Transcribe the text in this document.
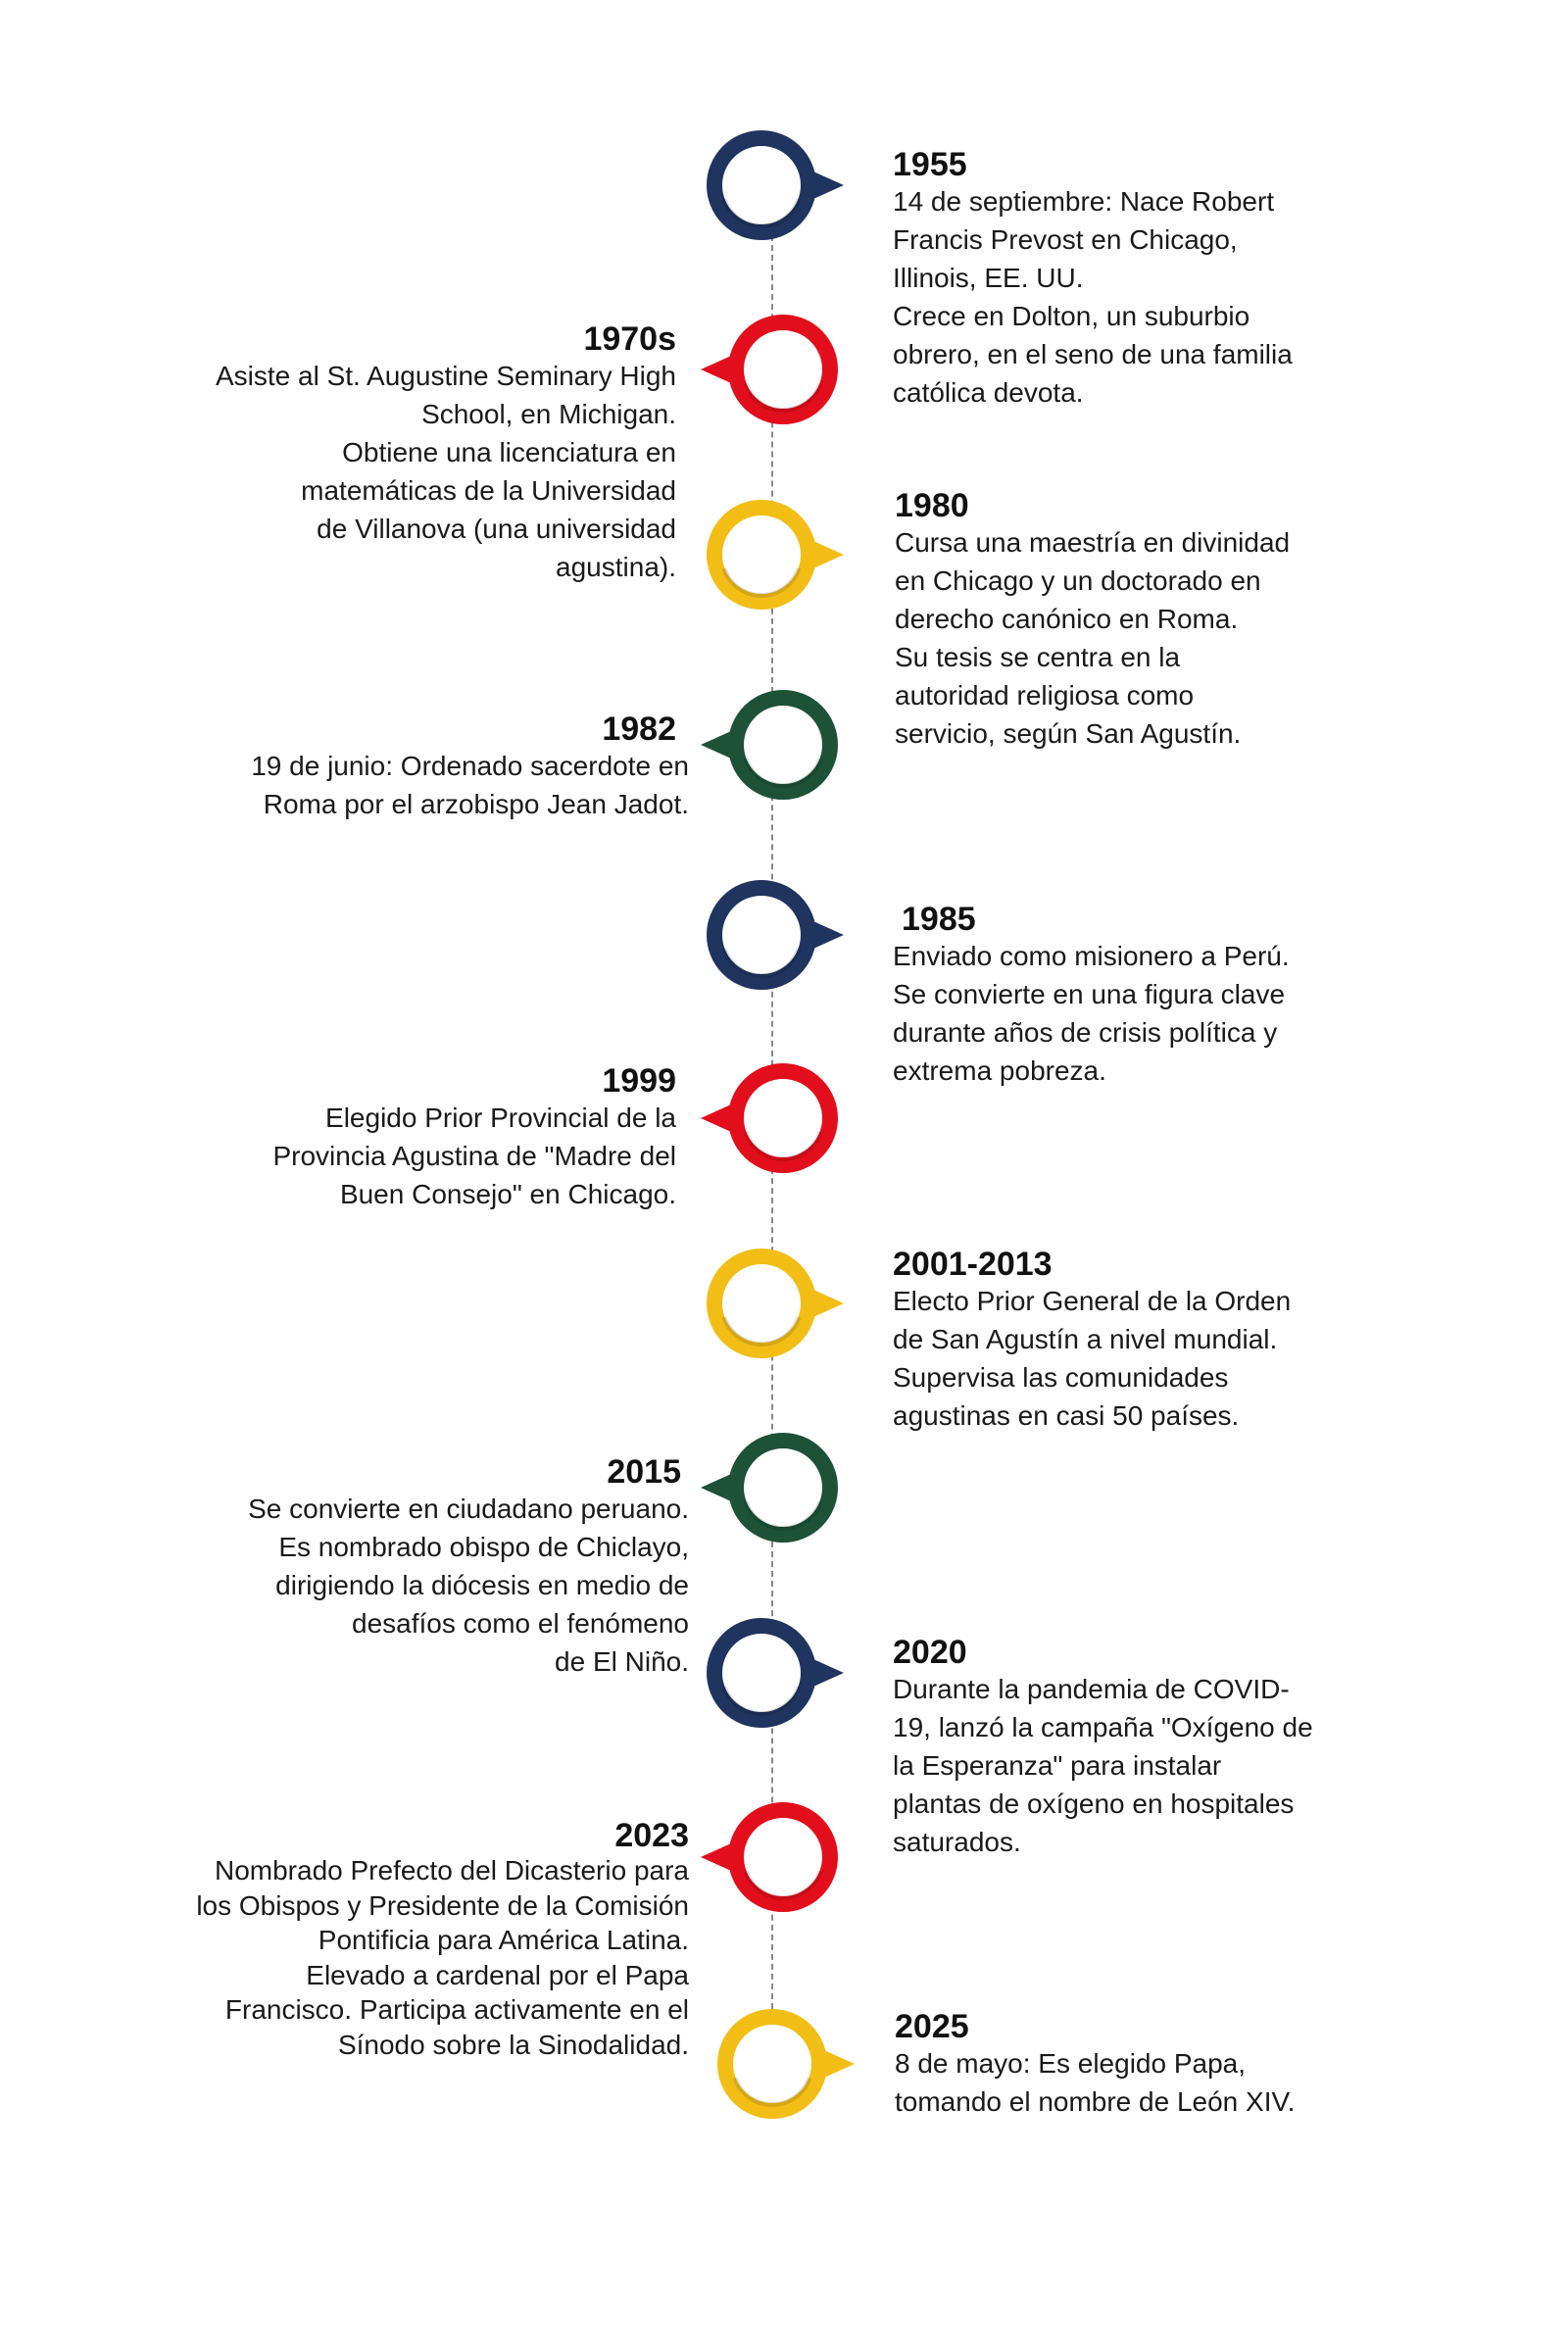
1955
14 de septiembre: Nace Robert
Francis Prevost en Chicago,
Illinois, EE. UU.
Crece en Dolton, un suburbio
obrero, en el seno de una familia
católica devota.
1970s
Asiste al St. Augustine Seminary High
School, en Michigan.
Obtiene una licenciatura en
matemáticas de la Universidad
de Villanova (una universidad
agustina).
1980
Cursa una maestría en divinidad
en Chicago y un doctorado en
derecho canónico en Roma.
Su tesis se centra en la
autoridad religiosa como
servicio, según San Agustín.
1982
19 de junio: Ordenado sacerdote en
Roma por el arzobispo Jean Jadot.
1985
Enviado como misionero a Perú.
Se convierte en una figura clave
durante años de crisis política y
extrema pobreza.
1999
Elegido Prior Provincial de la
Provincia Agustina de "Madre del
Buen Consejo" en Chicago.
2001-2013
Electo Prior General de la Orden
de San Agustín a nivel mundial.
Supervisa las comunidades
agustinas en casi 50 países.
2015
Se convierte en ciudadano peruano.
Es nombrado obispo de Chiclayo,
dirigiendo la diócesis en medio de
desafíos como el fenómeno
de El Niño.	2020
Durante la pandemia de COVID-
19, lanzó la campaña "Oxígeno de
la Esperanza" para instalar
plantas de oxígeno en hospitales
saturados.
2023
Nombrado Prefecto del Dicasterio para
los Obispos y Presidente de la Comisión
Pontificia para América Latina.
Elevado a cardenal por el Papa
Francisco. Participa activamente en el
Sínodo sobre la Sinodalidad.	2025
8 de mayo: Es elegido Papa,
tomando el nombre de León XIV.
